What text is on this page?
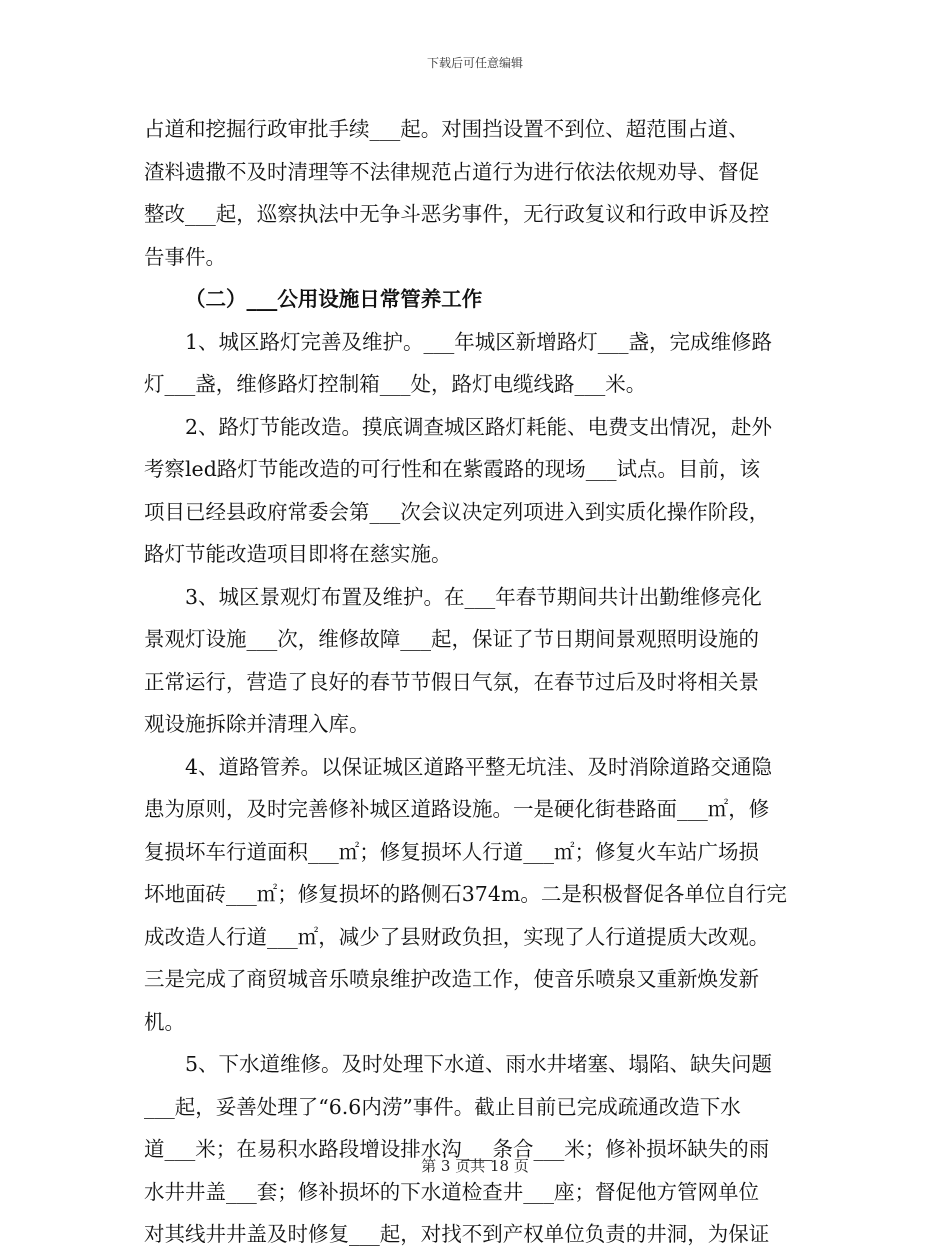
下载后可任意编辑
占道和挖掘行政审批手续___起。对围挡设置不到位、超范围占道、
渣料遗撒不及时清理等不法律规范占道行为进行依法依规劝导、督促
整改___起，巡察执法中无争斗恶劣事件，无行政复议和行政申诉及控
告事件。
（二）___公用设施日常管养工作
1、城区路灯完善及维护。___年城区新增路灯___盏，完成维修路
灯___盏，维修路灯控制箱___处，路灯电缆线路___米。
2、路灯节能改造。摸底调查城区路灯耗能、电费支出情况，赴外
考察led路灯节能改造的可行性和在紫霞路的现场___试点。目前，该
项目已经县政府常委会第___次会议决定列项进入到实质化操作阶段，
路灯节能改造项目即将在慈实施。
3、城区景观灯布置及维护。在___年春节期间共计出勤维修亮化
景观灯设施___次，维修故障___起，保证了节日期间景观照明设施的
正常运行，营造了良好的春节节假日气氛，在春节过后及时将相关景
观设施拆除并清理入库。
4、道路管养。以保证城区道路平整无坑洼、及时消除道路交通隐
患为原则，及时完善修补城区道路设施。一是硬化街巷路面___㎡，修
复损坏车行道面积___㎡；修复损坏人行道___㎡；修复火车站广场损
坏地面砖___㎡；修复损坏的路侧石374m。二是积极督促各单位自行完
成改造人行道___㎡，减少了县财政负担，实现了人行道提质大改观。
三是完成了商贸城音乐喷泉维护改造工作，使音乐喷泉又重新焕发新
机。
5、下水道维修。及时处理下水道、雨水井堵塞、塌陷、缺失问题
___起，妥善处理了“6.6内涝”事件。截止目前已完成疏通改造下水
道___米；在易积水路段增设排水沟___条合___米；修补损坏缺失的雨
水井井盖___套；修补损坏的下水道检查井___座；督促他方管网单位
对其线井井盖及时修复___起，对找不到产权单位负责的井洞，为保证
第 3 页共 18 页
